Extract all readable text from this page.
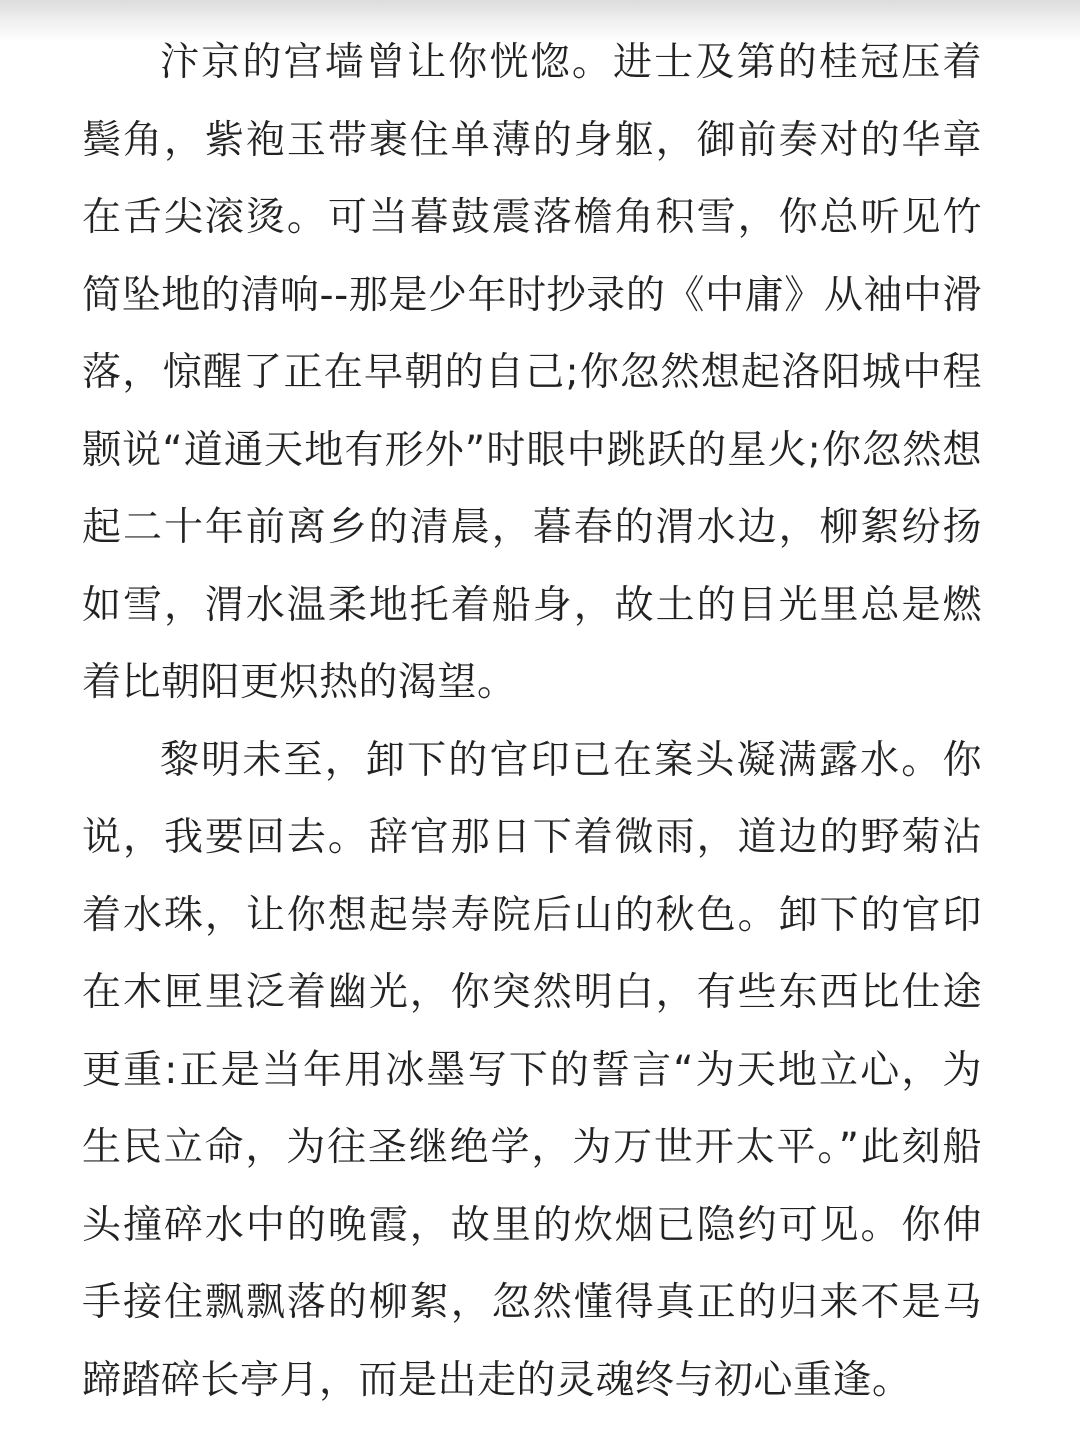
汴京的宫墙曾让你恍惚。进士及第的桂冠压着鬓角，紫袍玉带裹住单薄的身躯，御前奏对的华章在舌尖滚烫。可当暮鼓震落檐角积雪，你总听见竹简坠地的清响--那是少年时抄录的《中庸》从袖中滑落，惊醒了正在早朝的自己;你忽然想起洛阳城中程颢说“道通天地有形外”时眼中跳跃的星火;你忽然想起二十年前离乡的清晨，暮春的渭水边，柳絮纷扬如雪，渭水温柔地托着船身，故土的目光里总是燃着比朝阳更炽热的渴望。

黎明未至，卸下的官印已在案头凝满露水。你说，我要回去。辞官那日下着微雨，道边的野菊沾着水珠，让你想起崇寿院后山的秋色。卸下的官印在木匣里泛着幽光，你突然明白，有些东西比仕途更重:正是当年用冰墨写下的誓言“为天地立心，为生民立命，为往圣继绝学，为万世开太平。”此刻船头撞碎水中的晚霞，故里的炊烟已隐约可见。你伸手接住飘飘落的柳絮，忽然懂得真正的归来不是马蹄踏碎长亭月，而是出走的灵魂终与初心重逢。
